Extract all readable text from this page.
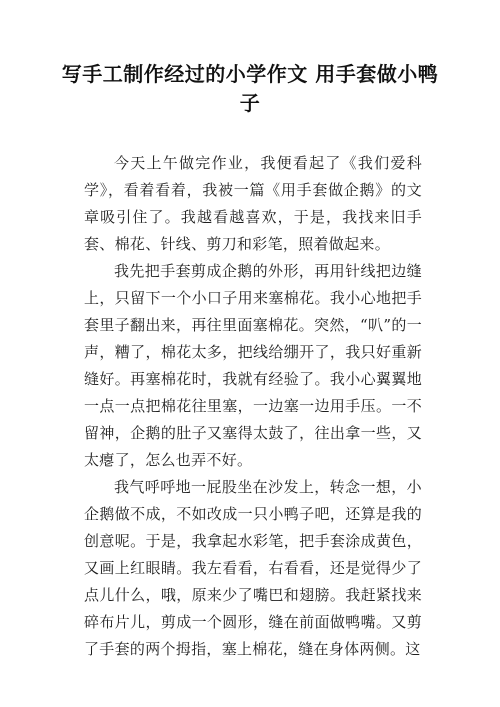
写手工制作经过的小学作文 用手套做小鸭子

今天上午做完作业，我便看起了《我们爱科学》，看着看着，我被一篇《用手套做企鹅》的文章吸引住了。我越看越喜欢，于是，我找来旧手套、棉花、针线、剪刀和彩笔，照着做起来。

我先把手套剪成企鹅的外形，再用针线把边缝上，只留下一个小口子用来塞棉花。我小心地把手套里子翻出来，再往里面塞棉花。突然，“叭”的一声，糟了，棉花太多，把线给绷开了，我只好重新缝好。再塞棉花时，我就有经验了。我小心翼翼地一点一点把棉花往里塞，一边塞一边用手压。一不留神，企鹅的肚子又塞得太鼓了，往出拿一些，又太瘪了，怎么也弄不好。

我气呼呼地一屁股坐在沙发上，转念一想，小企鹅做不成，不如改成一只小鸭子吧，还算是我的创意呢。于是，我拿起水彩笔，把手套涂成黄色，又画上红眼睛。我左看看，右看看，还是觉得少了点儿什么，哦，原来少了嘴巴和翅膀。我赶紧找来碎布片儿，剪成一个圆形，缝在前面做鸭嘴。又剪了手套的两个拇指，塞上棉花，缝在身体两侧。这
